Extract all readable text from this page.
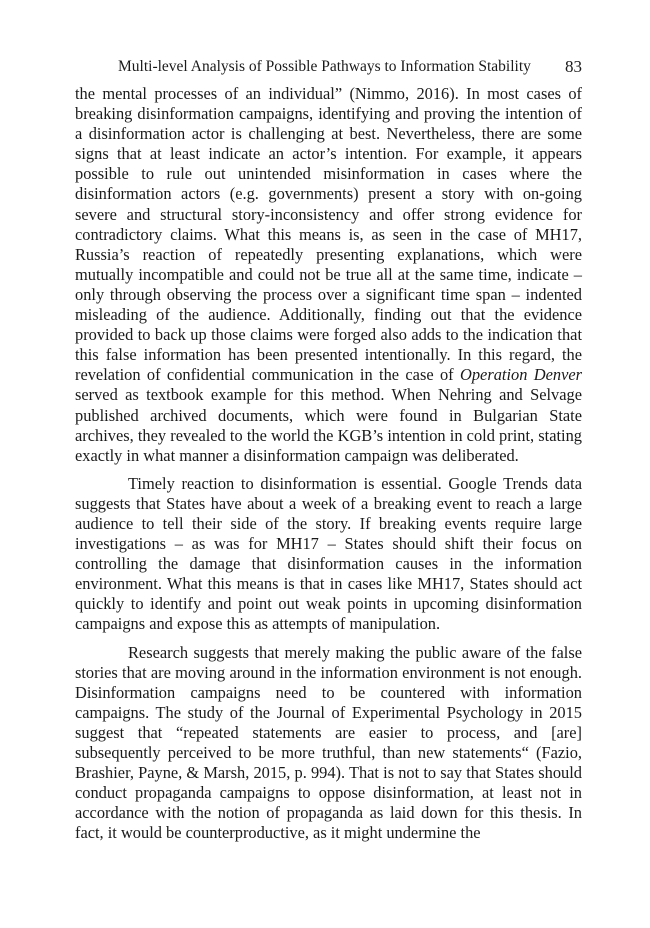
Multi-level Analysis of Possible Pathways to Information Stability 83

the mental processes of an individual” (Nimmo, 2016). In most cases of breaking disinformation campaigns, identifying and proving the intention of a disinformation actor is challenging at best. Nevertheless, there are some signs that at least indicate an actor’s intention. For example, it appears possible to rule out unintended misinformation in cases where the disinformation actors (e.g. governments) present a story with on-going severe and structural story-inconsistency and offer strong evidence for contradictory claims. What this means is, as seen in the case of MH17, Russia’s reaction of repeatedly presenting explanations, which were mutually incompatible and could not be true all at the same time, indicate – only through observing the process over a significant time span – indented misleading of the audience. Additionally, finding out that the evidence provided to back up those claims were forged also adds to the indication that this false information has been presented intentionally. In this regard, the revelation of confidential communication in the case of Operation Denver served as textbook example for this method. When Nehring and Selvage published archived documents, which were found in Bulgarian State archives, they revealed to the world the KGB’s intention in cold print, stating exactly in what manner a disinformation campaign was deliberated.

Timely reaction to disinformation is essential. Google Trends data suggests that States have about a week of a breaking event to reach a large audience to tell their side of the story. If breaking events require large investigations – as was for MH17 – States should shift their focus on controlling the damage that disinformation causes in the information environment. What this means is that in cases like MH17, States should act quickly to identify and point out weak points in upcoming disinformation campaigns and expose this as attempts of manipulation.

Research suggests that merely making the public aware of the false stories that are moving around in the information environment is not enough. Disinformation campaigns need to be countered with information campaigns. The study of the Journal of Experimental Psychology in 2015 suggest that “repeated statements are easier to process, and [are] subsequently perceived to be more truthful, than new statements“ (Fazio, Brashier, Payne, & Marsh, 2015, p. 994). That is not to say that States should conduct propaganda campaigns to oppose disinformation, at least not in accordance with the notion of propaganda as laid down for this thesis. In fact, it would be counterproductive, as it might undermine the
